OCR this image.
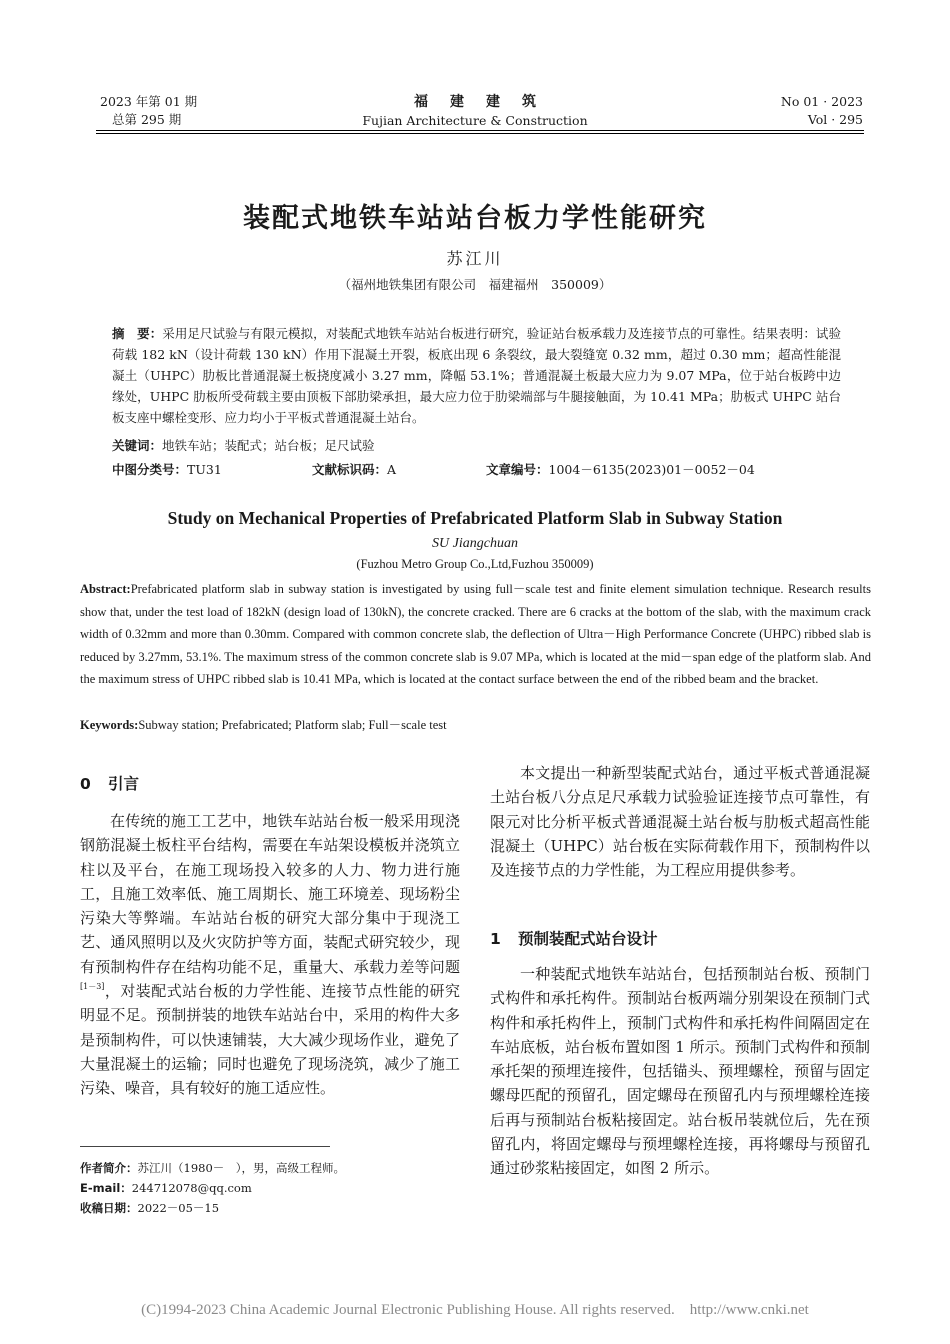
2023 年第 01 期
总第 295 期
福建建筑
Fujian Architecture & Construction
No 01 · 2023
Vol · 295
装配式地铁车站站台板力学性能研究
苏江川
（福州地铁集团有限公司　福建福州　350009）
摘　要：采用足尺试验与有限元模拟，对装配式地铁车站站台板进行研究，验证站台板承载力及连接节点的可靠性。结果表明：试验荷载 182 kN（设计荷载 130 kN）作用下混凝土开裂，板底出现 6 条裂纹，最大裂缝宽 0.32 mm，超过 0.30 mm；超高性能混凝土（UHPC）肋板比普通混凝土板挠度减小 3.27 mm，降幅 53.1%；普通混凝土板最大应力为 9.07 MPa，位于站台板跨中边缘处，UHPC 肋板所受荷载主要由顶板下部肋梁承担，最大应力位于肋梁端部与牛腿接触面，为 10.41 MPa；肋板式 UHPC 站台板支座中螺栓变形、应力均小于平板式普通混凝土站台。
关键词：地铁车站；装配式；站台板；足尺试验
中图分类号：TU31	文献标识码：A	文章编号：1004－6135(2023)01－0052－04
Study on Mechanical Properties of Prefabricated Platform Slab in Subway Station
SU Jiangchuan
(Fuzhou Metro Group Co.,Ltd,Fuzhou 350009)
Abstract:Prefabricated platform slab in subway station is investigated by using full－scale test and finite element simulation technique. Research results show that, under the test load of 182kN (design load of 130kN), the concrete cracked. There are 6 cracks at the bottom of the slab, with the maximum crack width of 0.32mm and more than 0.30mm. Compared with common concrete slab, the deflection of Ultra－High Performance Concrete (UHPC) ribbed slab is reduced by 3.27mm, 53.1%. The maximum stress of the common concrete slab is 9.07 MPa, which is located at the mid－span edge of the platform slab. And the maximum stress of UHPC ribbed slab is 10.41 MPa, which is located at the contact surface between the end of the ribbed beam and the bracket.
Keywords:Subway station; Prefabricated; Platform slab; Full－scale test
0 引言
在传统的施工工艺中，地铁车站站台板一般采用现浇钢筋混凝土板柱平台结构，需要在车站架设模板并浇筑立柱以及平台，在施工现场投入较多的人力、物力进行施工，且施工效率低、施工周期长、施工环境差、现场粉尘污染大等弊端。车站站台板的研究大部分集中于现浇工艺、通风照明以及火灾防护等方面，装配式研究较少，现有预制构件存在结构功能不足，重量大、承载力差等问题[1－3]，对装配式站台板的力学性能、连接节点性能的研究明显不足。预制拼装的地铁车站站台中，采用的构件大多是预制构件，可以快速铺装，大大减少现场作业，避免了大量混凝土的运输；同时也避免了现场浇筑，减少了施工污染、噪音，具有较好的施工适应性。
作者简介：苏江川（1980－　），男，高级工程师。
E-mail：244712078@qq.com
收稿日期：2022－05－15
本文提出一种新型装配式站台，通过平板式普通混凝土站台板八分点足尺承载力试验验证连接节点可靠性，有限元对比分析平板式普通混凝土站台板与肋板式超高性能混凝土（UHPC）站台板在实际荷载作用下，预制构件以及连接节点的力学性能，为工程应用提供参考。
1 预制装配式站台设计
一种装配式地铁车站站台，包括预制站台板、预制门式构件和承托构件。预制站台板两端分别架设在预制门式构件和承托构件上，预制门式构件和承托构件间隔固定在车站底板，站台板布置如图 1 所示。预制门式构件和预制承托架的预埋连接件，包括锚头、预埋螺栓，预留与固定螺母匹配的预留孔，固定螺母在预留孔内与预埋螺栓连接后再与预制站台板粘接固定。站台板吊装就位后，先在预留孔内，将固定螺母与预埋螺栓连接，再将螺母与预留孔通过砂浆粘接固定，如图 2 所示。
(C)1994-2023 China Academic Journal Electronic Publishing House. All rights reserved.　http://www.cnki.net
